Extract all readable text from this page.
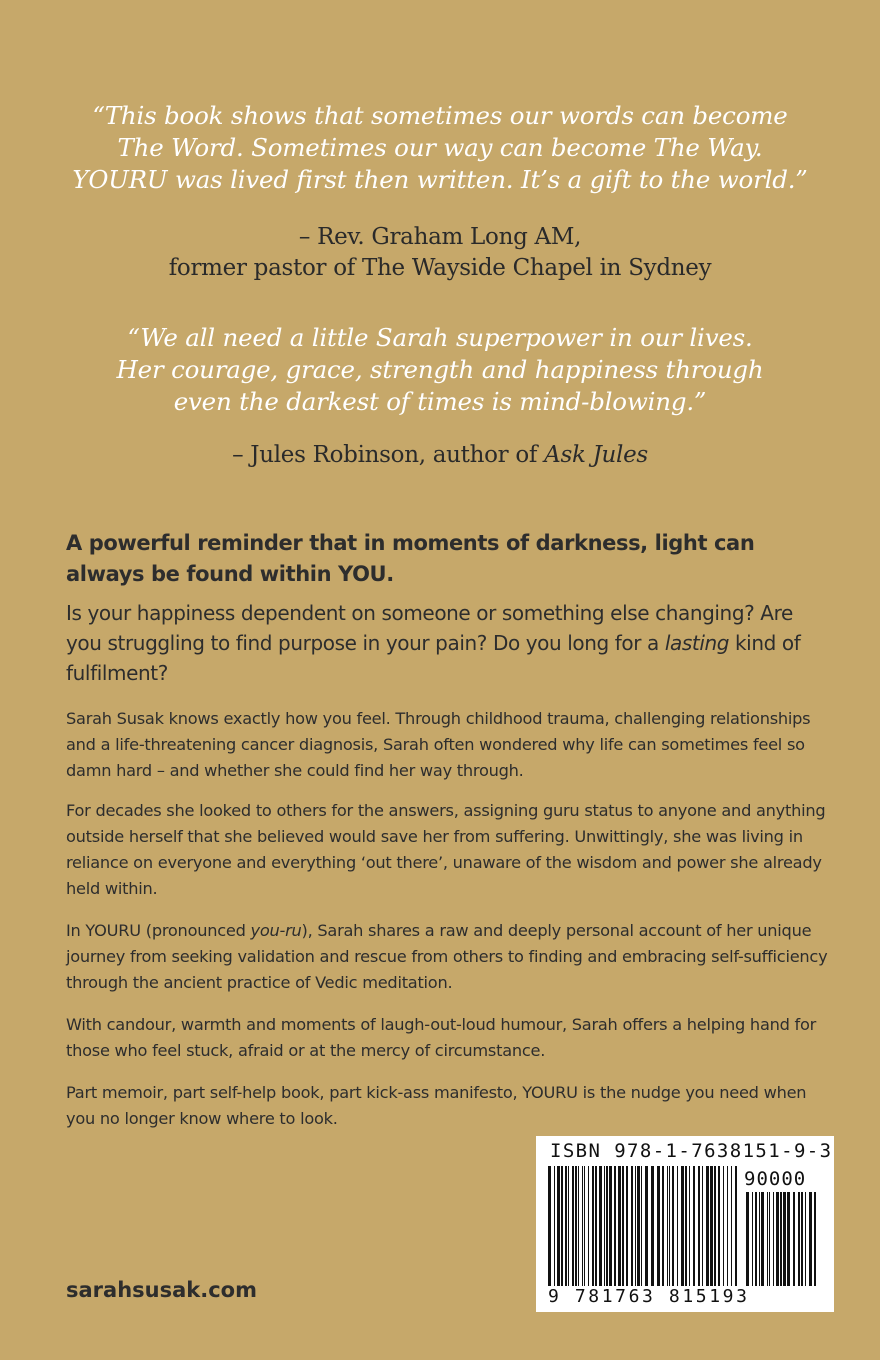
“This book shows that sometimes our words can become
The Word. Sometimes our way can become The Way.
YOURU was lived first then written. It’s a gift to the world.”
– Rev. Graham Long AM,
former pastor of The Wayside Chapel in Sydney
“We all need a little Sarah superpower in our lives.
Her courage, grace, strength and happiness through
even the darkest of times is mind-blowing.”
– Jules Robinson, author of Ask Jules
A powerful reminder that in moments of darkness, light can always be found within YOU.
Is your happiness dependent on someone or something else changing? Are you struggling to find purpose in your pain? Do you long for a lasting kind of fulfilment?
Sarah Susak knows exactly how you feel. Through childhood trauma, challenging relationships and a life-threatening cancer diagnosis, Sarah often wondered why life can sometimes feel so damn hard – and whether she could find her way through.
For decades she looked to others for the answers, assigning guru status to anyone and anything outside herself that she believed would save her from suffering. Unwittingly, she was living in reliance on everyone and everything ‘out there’, unaware of the wisdom and power she already held within.
In YOURU (pronounced you-ru), Sarah shares a raw and deeply personal account of her unique journey from seeking validation and rescue from others to finding and embracing self-sufficiency through the ancient practice of Vedic meditation.
With candour, warmth and moments of laugh-out-loud humour, Sarah offers a helping hand for those who feel stuck, afraid or at the mercy of circumstance.
Part memoir, part self-help book, part kick-ass manifesto, YOURU is the nudge you need when you no longer know where to look.
sarahsusak.com
ISBN 978-1-7638151-9-3
90000
9 781763 815193
